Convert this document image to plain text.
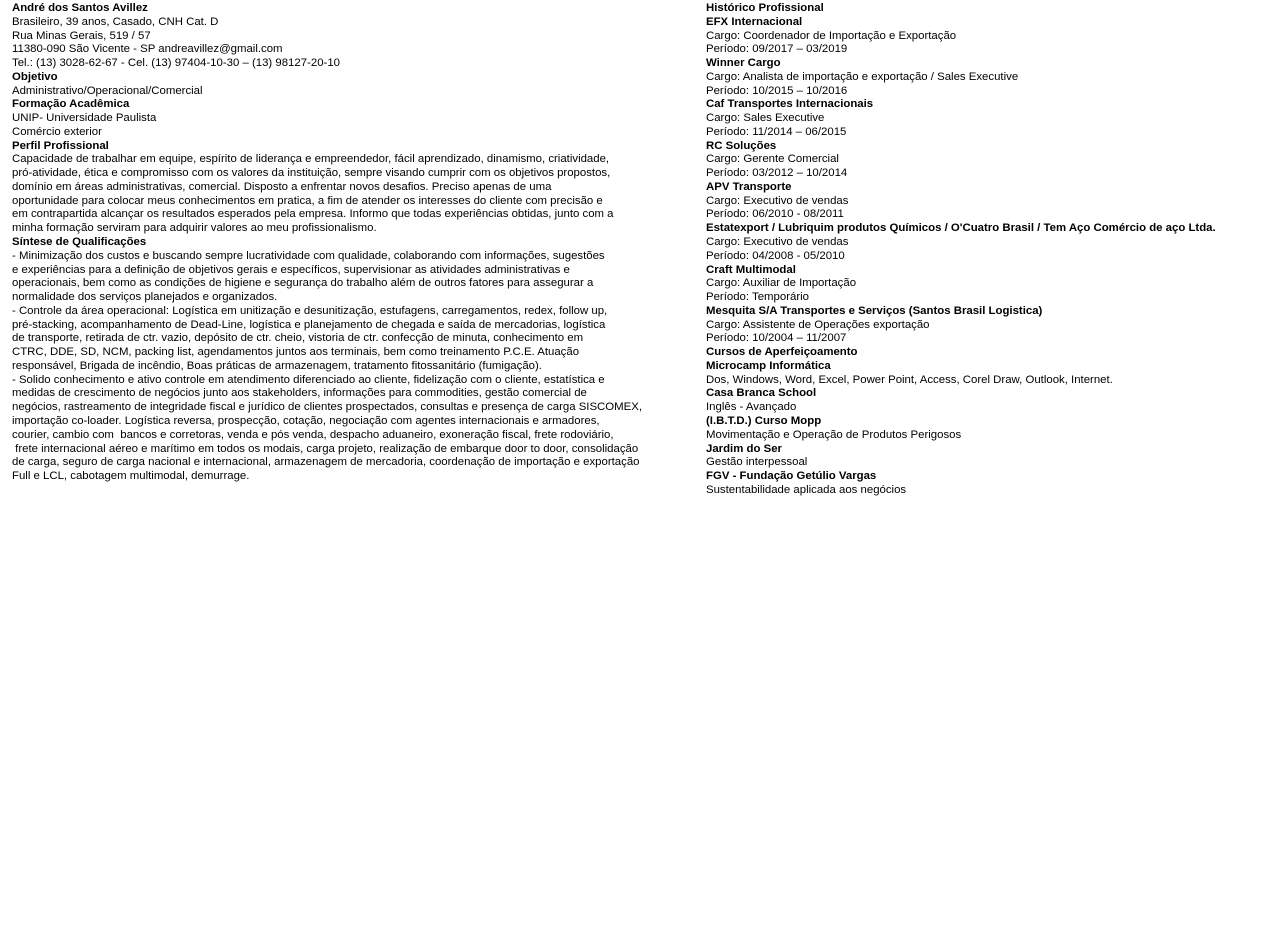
André dos Santos Avillez
Brasileiro, 39 anos, Casado, CNH Cat. D
Rua Minas Gerais, 519 / 57
11380-090 São Vicente - SP andreavillez@gmail.com
Tel.: (13) 3028-62-67 - Cel. (13) 97404-10-30 – (13) 98127-20-10
Objetivo
Administrativo/Operacional/Comercial
Formação Acadêmica
UNIP- Universidade Paulista
Comércio exterior
Perfil Profissional
Capacidade de trabalhar em equipe, espírito de liderança e empreendedor, fácil aprendizado, dinamismo, criatividade,
pró-atividade, ética e compromisso com os valores da instituição, sempre visando cumprir com os objetivos propostos,
domínio em áreas administrativas, comercial. Disposto a enfrentar novos desafios. Preciso apenas de uma
oportunidade para colocar meus conhecimentos em pratica, a fim de atender os interesses do cliente com precisão e
em contrapartida alcançar os resultados esperados pela empresa. Informo que todas experiências obtidas, junto com a
minha formação serviram para adquirir valores ao meu profissionalismo.
Síntese de Qualificações
- Minimização dos custos e buscando sempre lucratividade com qualidade, colaborando com informações, sugestões
e experiências para a definição de objetivos gerais e específicos, supervisionar as atividades administrativas e
operacionais, bem como as condições de higiene e segurança do trabalho além de outros fatores para assegurar a
normalidade dos serviços planejados e organizados.
- Controle da área operacional: Logística em unitização e desunitização, estufagens, carregamentos, redex, follow up,
pré-stacking, acompanhamento de Dead-Line, logística e planejamento de chegada e saída de mercadorias, logística
de transporte, retirada de ctr. vazio, depósito de ctr. cheio, vistoria de ctr. confecção de minuta, conhecimento em
CTRC, DDE, SD, NCM, packing list, agendamentos juntos aos terminais, bem como treinamento P.C.E. Atuação
responsável, Brigada de incêndio, Boas práticas de armazenagem, tratamento fitossanitário (fumigação).
- Solido conhecimento e ativo controle em atendimento diferenciado ao cliente, fidelização com o cliente, estatística e
medidas de crescimento de negócios junto aos stakeholders, informações para commodities, gestão comercial de
negócios, rastreamento de integridade fiscal e jurídico de clientes prospectados, consultas e presença de carga SISCOMEX,
importação co-loader. Logística reversa, prospecção, cotação, negociação com agentes internacionais e armadores,
courier, cambio com  bancos e corretoras, venda e pós venda, despacho aduaneiro, exoneração fiscal, frete rodoviário,
frete internacional aéreo e marítimo em todos os modais, carga projeto, realização de embarque door to door, consolidação
de carga, seguro de carga nacional e internacional, armazenagem de mercadoria, coordenação de importação e exportação
Full e LCL, cabotagem multimodal, demurrage.
Histórico Profissional
EFX Internacional
Cargo: Coordenador de Importação e Exportação
Período: 09/2017 – 03/2019
Winner Cargo
Cargo: Analista de importação e exportação / Sales Executive
Período: 10/2015 – 10/2016
Caf Transportes Internacionais
Cargo: Sales Executive
Período: 11/2014 – 06/2015
RC Soluções
Cargo: Gerente Comercial
Período: 03/2012 – 10/2014
APV Transporte
Cargo: Executivo de vendas
Período: 06/2010 - 08/2011
Estatexport / Lubriquim produtos Químicos / O'Cuatro Brasil / Tem Aço Comércio de aço Ltda.
Cargo: Executivo de vendas
Período: 04/2008 - 05/2010
Craft Multimodal
Cargo: Auxiliar de Importação
Período: Temporário
Mesquita S/A Transportes e Serviços (Santos Brasil Logistica)
Cargo: Assistente de Operações exportação
Período: 10/2004 – 11/2007
Cursos de Aperfeiçoamento
Microcamp Informática
Dos, Windows, Word, Excel, Power Point, Access, Corel Draw, Outlook, Internet.
Casa Branca School
Inglês - Avançado
(I.B.T.D.) Curso Mopp
Movimentação e Operação de Produtos Perigosos
Jardim do Ser
Gestão interpessoal
FGV - Fundação Getúlio Vargas
Sustentabilidade aplicada aos negócios
